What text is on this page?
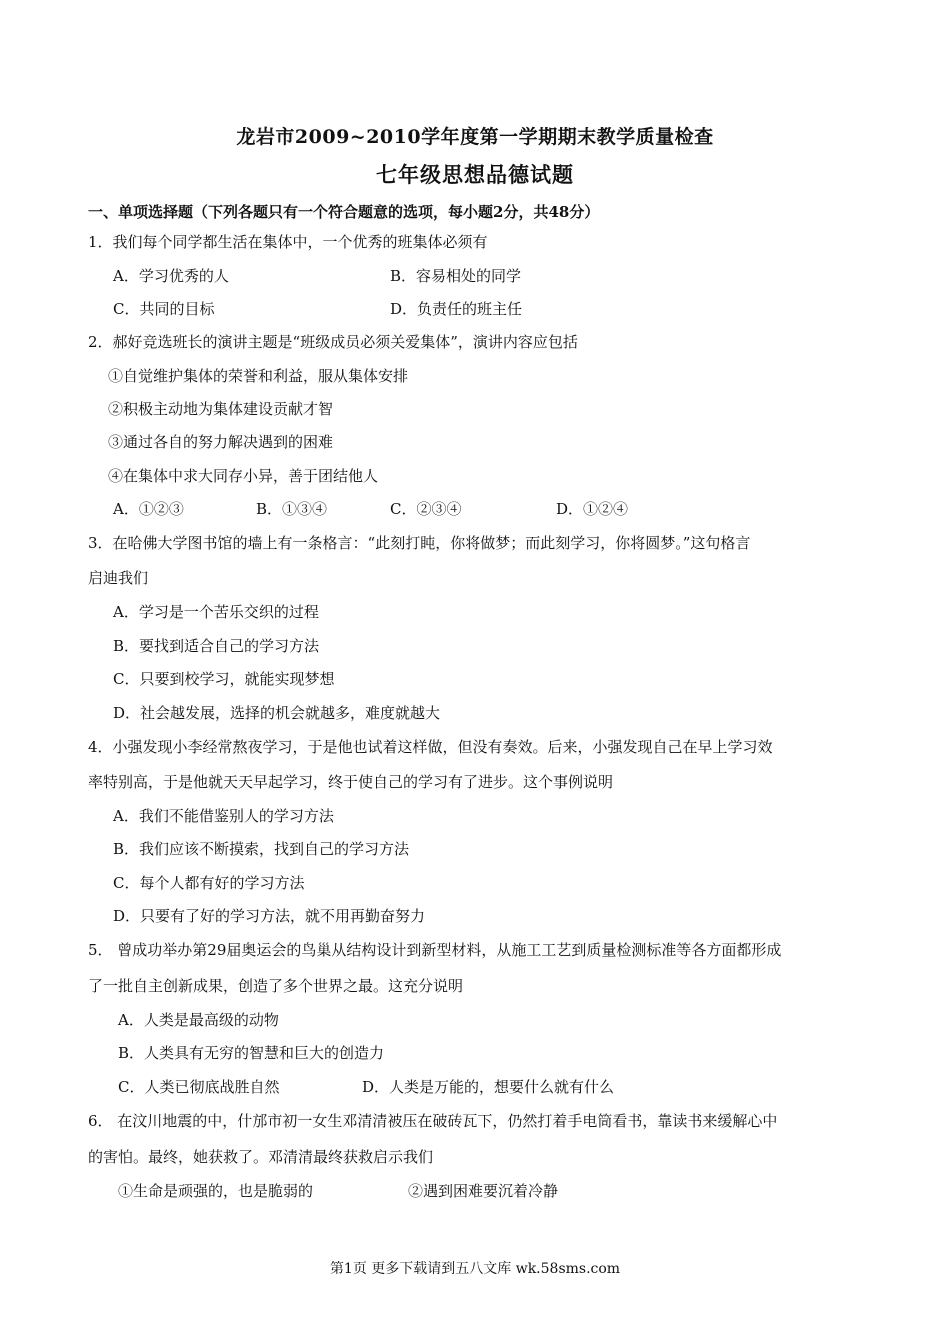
龙岩市2009~2010学年度第一学期期末教学质量检查
七年级思想品德试题
一、单项选择题（下列各题只有一个符合题意的选项，每小题2分，共48分）
1．我们每个同学都生活在集体中，一个优秀的班集体必须有
A．学习优秀的人	B．容易相处的同学
C．共同的目标	D．负责任的班主任
2．郝好竞选班长的演讲主题是“班级成员必须关爱集体”，演讲内容应包括
①自觉维护集体的荣誉和利益，服从集体安排
②积极主动地为集体建设贡献才智
③通过各自的努力解决遇到的困难
④在集体中求大同存小异，善于团结他人
A．①②③	B．①③④	C．②③④	D．①②④
3．在哈佛大学图书馆的墙上有一条格言：“此刻打盹，你将做梦；而此刻学习，你将圆梦。”这句格言
启迪我们
A．学习是一个苦乐交织的过程
B．要找到适合自己的学习方法
C．只要到校学习，就能实现梦想
D．社会越发展，选择的机会就越多，难度就越大
4．小强发现小李经常熬夜学习，于是他也试着这样做，但没有奏效。后来，小强发现自己在早上学习效
率特别高，于是他就天天早起学习，终于使自己的学习有了进步。这个事例说明
A．我们不能借鉴别人的学习方法
B．我们应该不断摸索，找到自己的学习方法
C．每个人都有好的学习方法
D．只要有了好的学习方法，就不用再勤奋努力
5． 曾成功举办第29届奥运会的鸟巢从结构设计到新型材料，从施工工艺到质量检测标准等各方面都形成
了一批自主创新成果，创造了多个世界之最。这充分说明
A．人类是最高级的动物
B．人类具有无穷的智慧和巨大的创造力
C．人类已彻底战胜自然	D．人类是万能的，想要什么就有什么
6． 在汶川地震的中，什邡市初一女生邓清清被压在破砖瓦下，仍然打着手电筒看书，靠读书来缓解心中
的害怕。最终，她获救了。邓清清最终获救启示我们
①生命是顽强的，也是脆弱的	②遇到困难要沉着冷静
第1页 更多下载请到五八文库 wk.58sms.com
